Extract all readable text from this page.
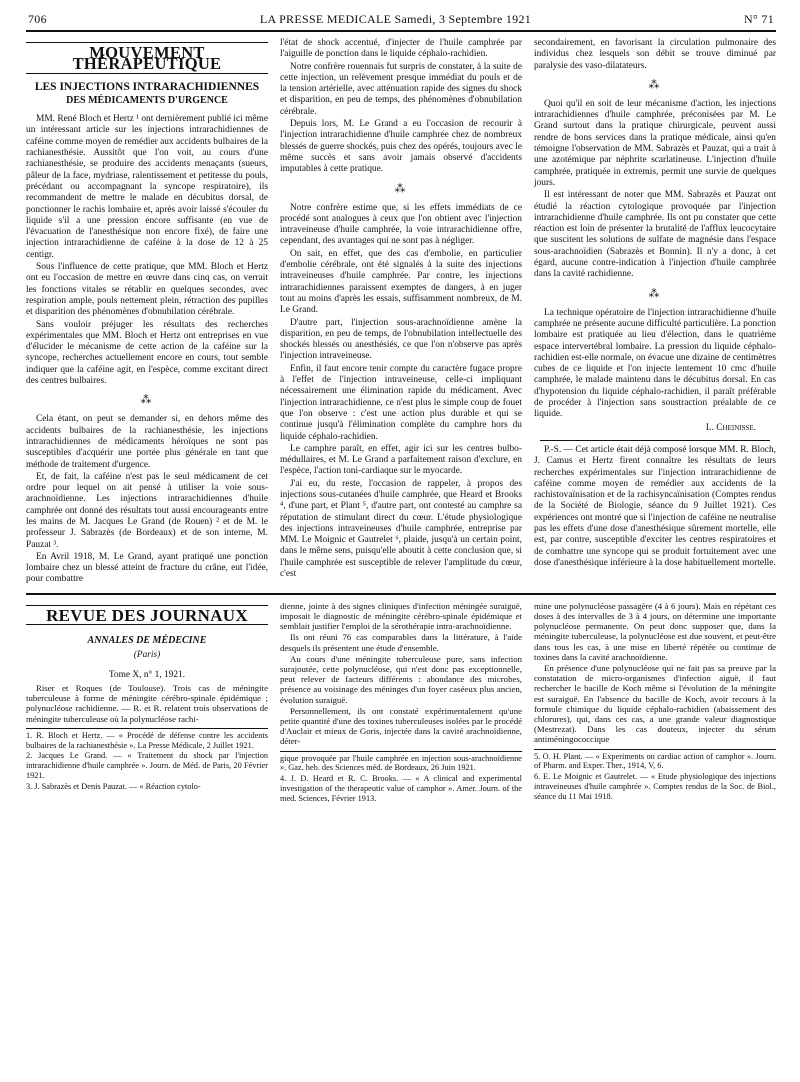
706	LA PRESSE MEDICALE Samedi, 3 Septembre 1921	N° 71
MOUVEMENT THÉRAPEUTIQUE
LES INJECTIONS INTRARACHIDIENNES
DES MÉDICAMENTS D'URGENCE

MM. René Bloch et Hertz ¹ ont dernièrement publié ici même un intéressant article sur les injections intrarachidiennes de caféine comme moyen de remédier aux accidents bulbaires de la rachianesthésie. Aussitôt que l'on voit, au cours d'une rachianesthésie, se produire des accidents menaçants (sueurs, pâleur de la face, mydriase, ralentissement et petitesse du pouls, précédant ou accompagnant la syncope respiratoire), ils recommandent de mettre le malade en décubitus dorsal, de ponctionner le rachis lombaire et, après avoir laissé s'écouler du liquide s'il a une pression encore suffisante (en vue de l'évacuation de l'anesthésique non encore fixé), de faire une injection intrarachidienne de caféine à la dose de 12 à 25 centigr.

Sous l'influence de cette pratique, que MM. Bloch et Hertz ont eu l'occasion de mettre en œuvre dans cinq cas, on verrait les fonctions vitales se rétablir en quelques secondes, avec respiration ample, pouls nettement plein, rétraction des pupilles et disparition des phénomènes d'obnubilation cérébrale.

Sans vouloir préjuger les résultats des recherches expérimentales que MM. Bloch et Hertz ont entreprises en vue d'élucider le mécanisme de cette action de la caféine sur la syncope, recherches actuellement encore en cours, tout semble indiquer que la caféine agit, en l'espèce, comme excitant direct des centres bulbaires.

⁂

Cela étant, on peut se demander si, en dehors même des accidents bulbaires de la rachianesthésie, les injections intrarachidiennes de médicaments héroïques ne sont pas susceptibles d'acquérir une portée plus générale en tant que méthode de traitement d'urgence.

Et, de fait, la caféine n'est pas le seul médicament de cet ordre pour lequel on ait pensé à utiliser la voie sous-arachnoïdienne. Les injections intrarachidiennes d'huile camphrée ont donné des résultats tout aussi encourageants entre les mains de M. Jacques Le Grand (de Rouen) ² et de M. le professeur J. Sabrazès (de Bordeaux) et de son interne, M. Pauzat ³.

En Avril 1918, M. Le Grand, ayant pratiqué une ponction lombaire chez un blessé atteint de fracture du crâne, eut l'idée, pour combattre

l'état de shock accentué, d'injecter de l'huile camphrée par l'aiguille de ponction dans le liquide céphalo-rachidien.

Notre confrère rouennais fut surpris de constater, à la suite de cette injection, un relèvement presque immédiat du pouls et de la tension artérielle, avec atténuation rapide des signes du shock et disparition, en peu de temps, des phénomènes d'obnubilation cérébrale.

Depuis lors, M. Le Grand a eu l'occasion de recourir à l'injection intrarachidienne d'huile camphrée chez de nombreux blessés de guerre shockés, puis chez des opérés, toujours avec le même succès et sans avoir jamais observé d'accidents imputables à cette pratique.

⁂

Notre confrère estime que, si les effets immédiats de ce procédé sont analogues à ceux que l'on obtient avec l'injection intraveineuse d'huile camphrée, la voie intrarachidienne offre, cependant, des avantages qui ne sont pas à négliger.

On sait, en effet, que des cas d'embolie, en particulier d'embolie cérébrale, ont été signalés à la suite des injections intraveineuses d'huile camphrée. Par contre, les injections intrarachidiennes paraissent exemptes de dangers, à en juger tout au moins d'après les essais, suffisamment nombreux, de M. Le Grand.

D'autre part, l'injection sous-arachnoïdienne amène la disparition, en peu de temps, de l'obnubilation intellectuelle des shockés blessés ou anesthésiés, ce que l'on n'observe pas après l'injection intraveineuse.

Enfin, il faut encore tenir compte du caractère fugace propre à l'effet de l'injection intraveineuse, celle-ci impliquant nécessairement une élimination rapide du médicament. Avec l'injection intrarachidienne, ce n'est plus le simple coup de fouet que l'on observe : c'est une action plus durable et qui se continue jusqu'à l'élimination complète du camphre hors du liquide céphalo-rachidien.

Le camphre paraît, en effet, agir ici sur les centres bulbo-médullaires, et M. Le Grand a parfaitement raison d'exclure, en l'espèce, l'action toni-cardiaque sur le myocarde.

J'ai eu, du reste, l'occasion de rappeler, à propos des injections sous-cutanées d'huile camphrée, que Heard et Brooks ⁴, d'une part, et Plant ⁵, d'autre part, ont contesté au camphre sa réputation de stimulant direct du cœur. L'étude physiologique des injections intraveineuses d'huile camphrée, entreprise par MM. Le Moignic et Gautrelet ⁶, plaide, jusqu'à un certain point, dans le même sens, puisqu'elle aboutit à cette conclusion que, si l'huile camphrée est susceptible de relever l'amplitude du cœur, c'est

secondairement, en favorisant la circulation pulmonaire des individus chez lesquels son débit se trouve diminué par paralysie des vaso-dilatateurs.

⁂

Quoi qu'il en soit de leur mécanisme d'action, les injections intrarachidiennes d'huile camphrée, préconisées par M. Le Grand surtout dans la pratique chirurgicale, peuvent aussi rendre de bons services dans la pratique médicale, ainsi qu'en témoigne l'observation de MM. Sabrazès et Pauzat, qui a trait à une azotémique par néphrite scarlatineuse. L'injection d'huile camphrée, pratiquée in extremis, permit une survie de quelques jours.

Il est intéressant de noter que MM. Sabrazès et Pauzat ont étudié la réaction cytologique provoquée par l'injection intrarachidienne d'huile camphrée. Ils ont pu constater que cette réaction est loin de présenter la brutalité de l'afflux leucocytaire que suscitent les solutions de sulfate de magnésie dans l'espace sous-arachnoïdien (Sabrazès et Bonnin). Il n'y a donc, à cet égard, aucune contre-indication à l'injection d'huile camphrée dans la cavité rachidienne.

⁂

La technique opératoire de l'injection intrarachidienne d'huile camphrée ne présente aucune difficulté particulière. La ponction lombaire est pratiquée au lieu d'élection, dans le quatrième espace intervertébral lombaire. La pression du liquide céphalo-rachidien est-elle normale, on évacue une dizaine de centimètres cubes de ce liquide et l'on injecte lentement 10 cmc d'huile camphrée, le malade maintenu dans le décubitus dorsal. En cas d'hypotension du liquide céphalo-rachidien, il paraît préférable de procéder à l'injection sans soustraction préalable de ce liquide.

L. Cheinisse.

P.-S. — Cet article était déjà composé lorsque MM. R. Bloch, J. Camus et Hertz firent connaître les résultats de leurs recherches expérimentales sur l'injection intrarachidienne de caféine comme moyen de remédier aux accidents de la rachistovaïnisation et de la rachisyncaïnisation (Comptes rendus de la Société de Biologie, séance du 9 Juillet 1921). Ces expériences ont montré que si l'injection de caféine ne neutralise pas les effets d'une dose d'anesthésique sûrement mortelle, elle est, par contre, susceptible d'exciter les centres respiratoires et de combattre une syncope qui se produit fortuitement avec une dose d'anesthésique inférieure à la dose habituellement mortelle.

REVUE DES JOURNAUX
ANNALES DE MÉDECINE
(Paris)
Tome X, n° 1, 1921.

Riser et Roques (de Toulouse). Trois cas de méningite tuberculeuse à forme de méningite cérébro-spinale épidémique ; polynucléose rachidienne. — R. et R. relatent trois observations de méningite tuberculeuse où la polynucléose rachi-

1. R. Bloch et Hertz. — « Procédé de défense contre les accidents bulbaires de la rachianesthésie ». La Presse Médicale, 2 Juillet 1921.

2. Jacques Le Grand. — « Traitement du shock par l'injection intrarachidienne d'huile camphrée ». Journ. de Méd. de Paris, 20 Février 1921.

3. J. Sabrazès et Denis Pauzat. — « Réaction cytolo-

dienne, jointe à des signes cliniques d'infection méningée suraiguë, imposait le diagnostic de méningite cérébro-spinale épidémique et semblait justifier l'emploi de la sérothérapie intra-arachnoïdienne.

Ils ont réuni 76 cas comparables dans la littérature, à l'aide desquels ils présentent une étude d'ensemble.

Au cours d'une méningite tuberculeuse pure, sans infection surajoutée, cette polynucléose, qui n'est donc pas exceptionnelle, peut relever de facteurs différents : abondance des microbes, présence au voisinage des méninges d'un foyer caséeux plus ancien, évolution suraiguë.

Personnellement, ils ont constaté expérimentalement qu'une petite quantité d'une des toxines tuberculeuses isolées par le procédé d'Auclair et mieux de Goris, injectée dans la cavité arachnoïdienne, déter-

gique provoquée par l'huile camphrée en injection sous-arachnoïdienne ». Gaz. heb. des Sciences méd. de Bordeaux, 26 Juin 1921.

4. J. D. Heard et R. C. Brooks. — « A clinical and experimental investigation of the therapeutic value of camphor ». Amer. Journ. of the med. Sciences, Février 1913.

mine une polynucléose passagère (4 à 6 jours). Mais en répétant ces doses à des intervalles de 3 à 4 jours, on détermine une importante polynucléose permanente. On peut donc supposer que, dans la méningite tuberculeuse, la polynucléose est due souvent, et peut-être dans tous les cas, à une mise en liberté répétée ou continue de toxines dans la cavité arachnoïdienne.

En présence d'une polynucléose qui ne fait pas sa preuve par la constatation de micro-organismes d'infection aiguë, il faut rechercher le bacille de Koch même si l'évolution de la méningite est suraiguë. En l'absence du bacille de Koch, avoir recours à la formule chimique du liquide céphalo-rachidien (abaissement des chlorures), qui, dans ces cas, a une grande valeur diagnostique (Mestrezat). Dans les cas douteux, injecter du sérum antiméningococcique

5. O. H. Plant. — « Experiments on cardiac action of camphor ». Journ. of Pharm. and Exper. Ther., 1914, V, 6.

6. E. Le Moignic et Gautrelet. — « Etude physiologique des injections intraveineuses d'huile camphrée ». Comptes rendus de la Soc. de Biol., séance du 11 Mai 1918.
